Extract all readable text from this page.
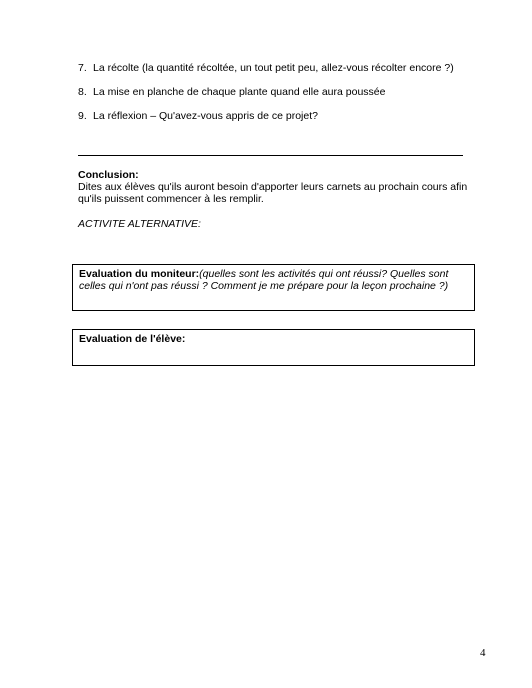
7. La récolte (la quantité récoltée, un tout petit peu, allez-vous récolter encore ?)
8. La mise en planche de chaque plante quand elle aura poussée
9. La réflexion – Qu'avez-vous appris de ce projet?
Conclusion:
Dites aux élèves qu'ils auront besoin d'apporter leurs carnets au prochain cours afin qu'ils puissent commencer à les remplir.
ACTIVITE ALTERNATIVE:
Evaluation du moniteur:(quelles sont les activités qui ont réussi? Quelles sont celles qui n'ont pas réussi ? Comment je me prépare pour la leçon prochaine ?)
Evaluation de l'élève:
4
